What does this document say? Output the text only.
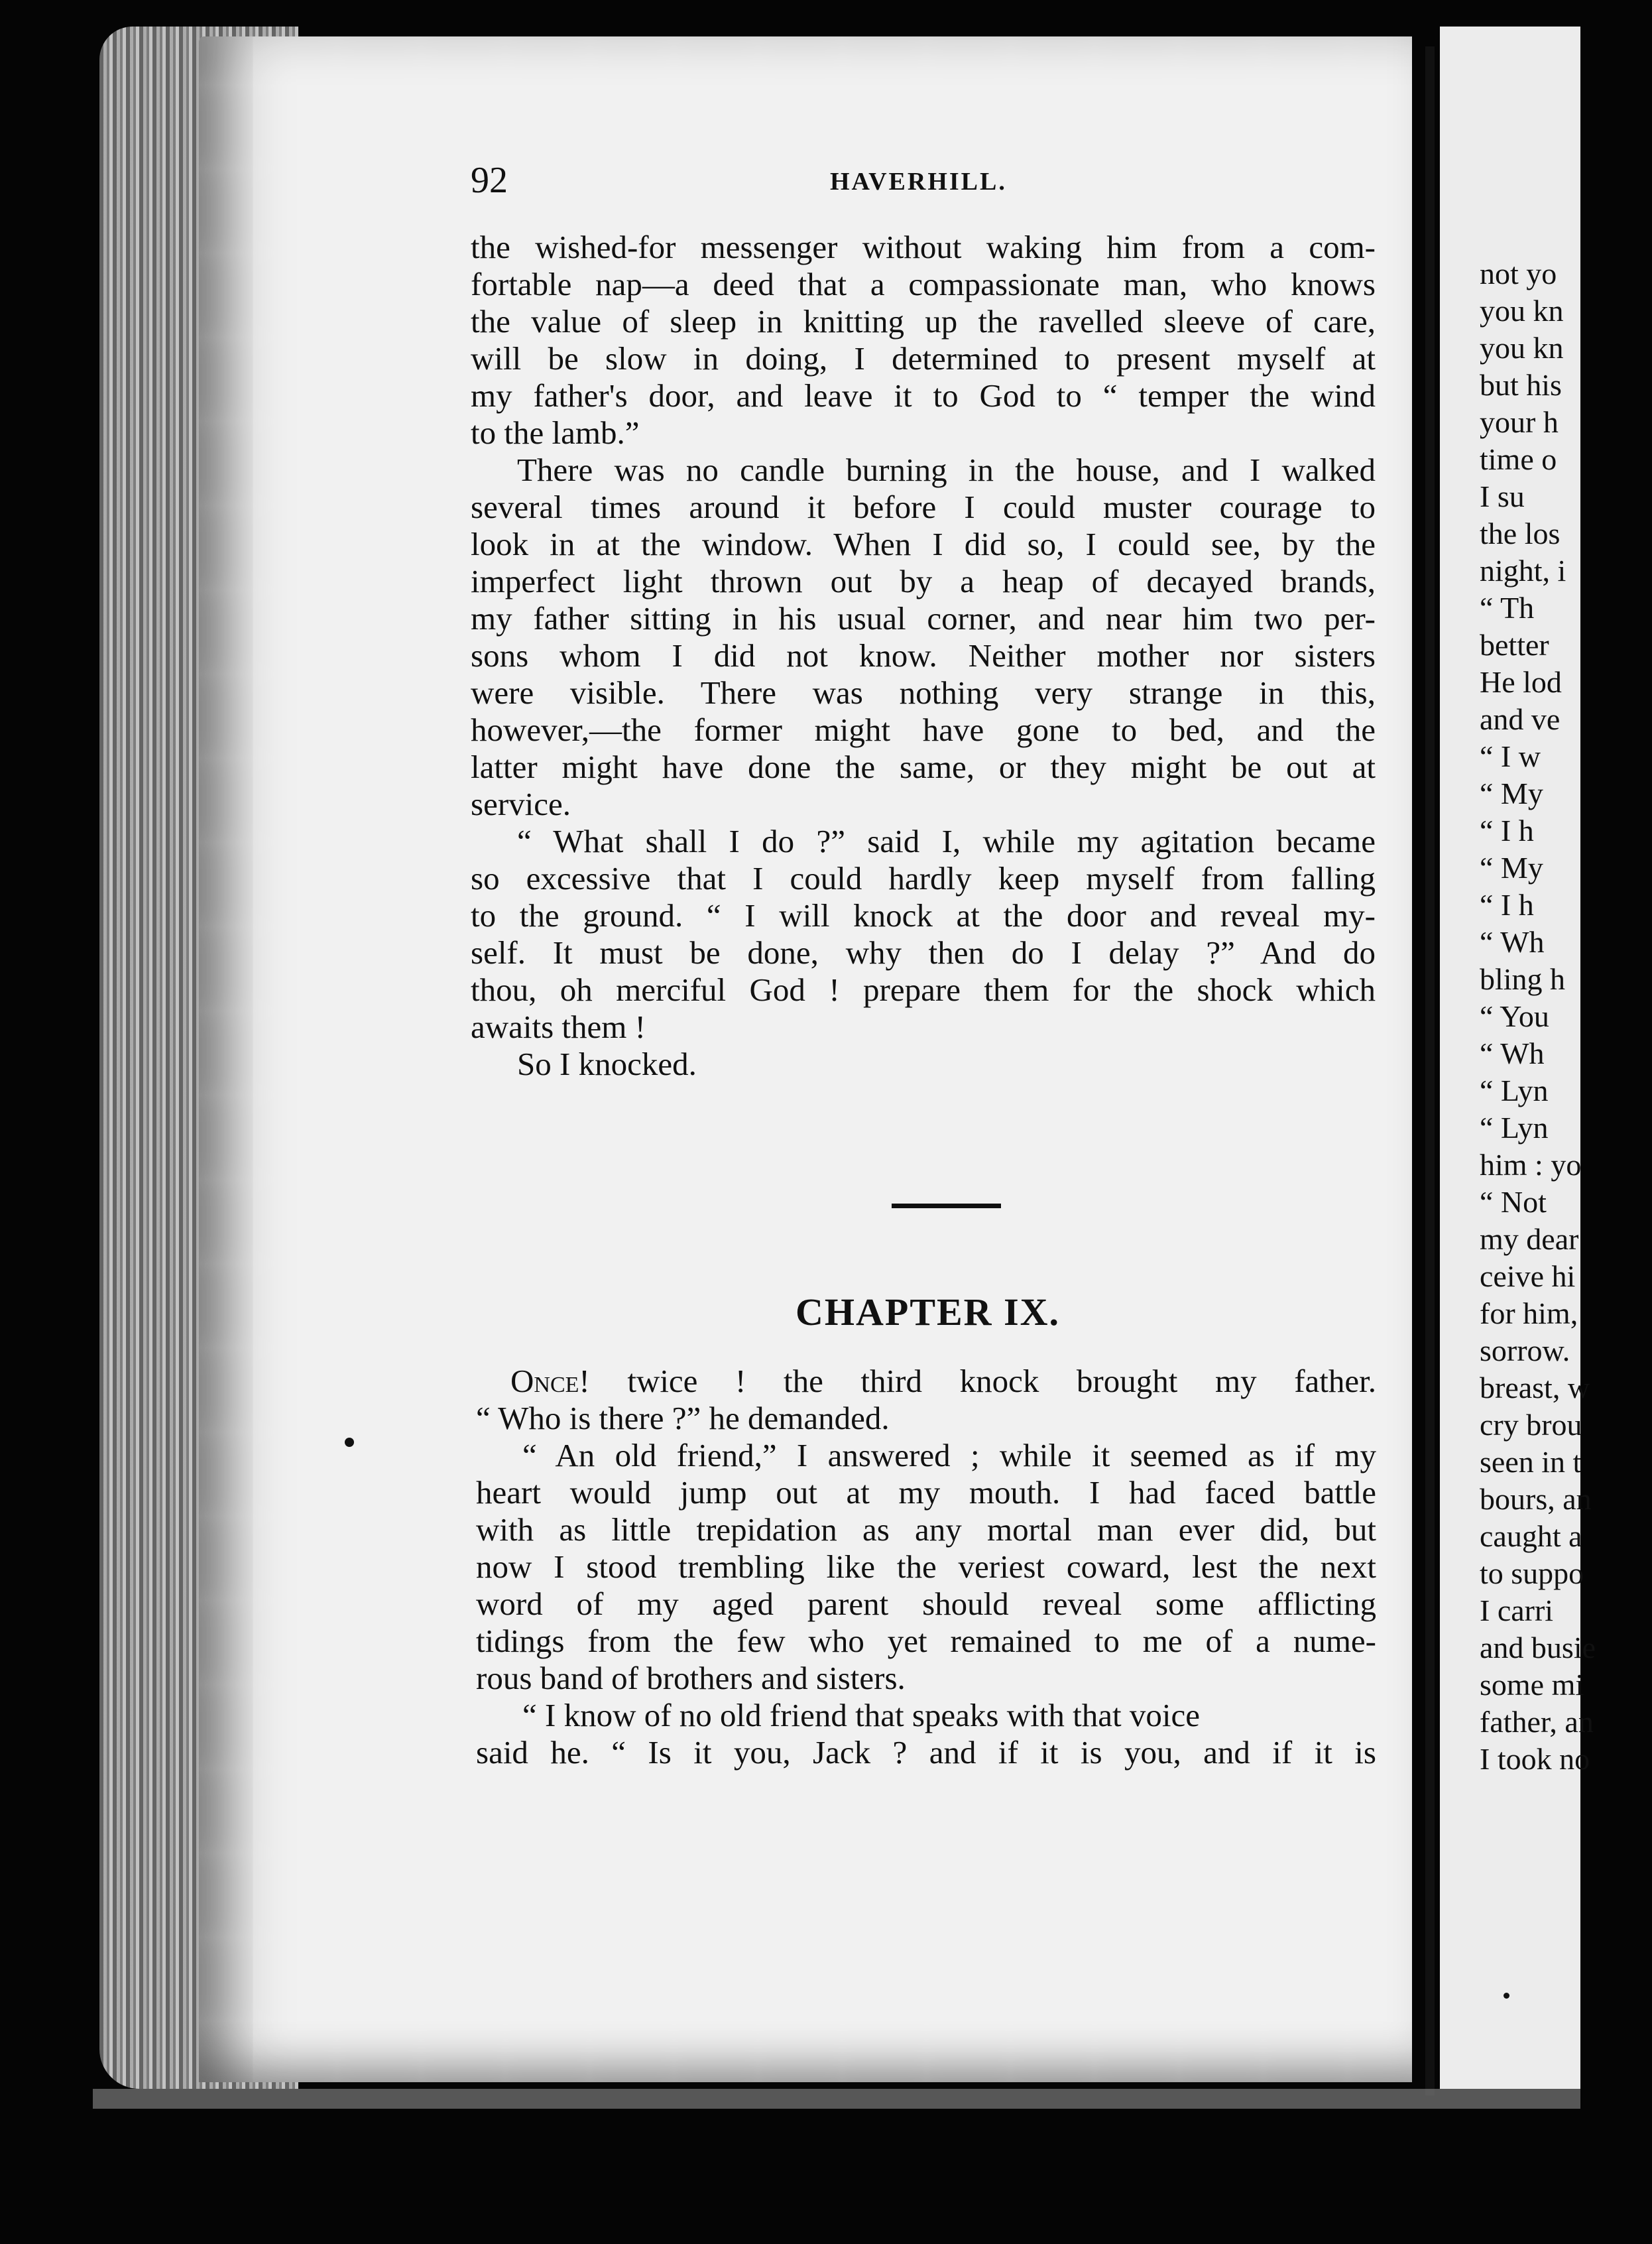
not yo
you kn
you kn
but his
your h
time o
I su
the los
night, i
“ Th
better
He lod
and ve
“ I w
“ My
“ I h
“ My
“ I h
“ Wh
bling h
“ You
“ Wh
“ Lyn
“ Lyn
him : yo
“ Not
my dear
ceive hi
for him,
sorrow.
breast, w
cry brou
seen in t
bours, an
caught a
to suppo
I carri
and busie
some mi
father, an
I took no
92	HAVERHILL.
the wished-for messenger without waking him from a com-
fortable nap—a deed that a compassionate man, who knows
the value of sleep in knitting up the ravelled sleeve of care,
will be slow in doing, I determined to present myself at
my father's door, and leave it to God to “ temper the wind
to the lamb.”
There was no candle burning in the house, and I walked
several times around it before I could muster courage to
look in at the window. When I did so, I could see, by the
imperfect light thrown out by a heap of decayed brands,
my father sitting in his usual corner, and near him two per-
sons whom I did not know. Neither mother nor sisters
were visible. There was nothing very strange in this,
however,—the former might have gone to bed, and the
latter might have done the same, or they might be out at
service.
“ What shall I do ?” said I, while my agitation became
so excessive that I could hardly keep myself from falling
to the ground. “ I will knock at the door and reveal my-
self. It must be done, why then do I delay ?” And do
thou, oh merciful God ! prepare them for the shock which
awaits them !
So I knocked.
CHAPTER IX.
Once! twice ! the third knock brought my father.
“ Who is there ?” he demanded.
“ An old friend,” I answered ; while it seemed as if my
heart would jump out at my mouth. I had faced battle
with as little trepidation as any mortal man ever did, but
now I stood trembling like the veriest coward, lest the next
word of my aged parent should reveal some afflicting
tidings from the few who yet remained to me of a nume-
rous band of brothers and sisters.
“ I know of no old friend that speaks with that voice
said he. “ Is it you, Jack ? and if it is you, and if it is
